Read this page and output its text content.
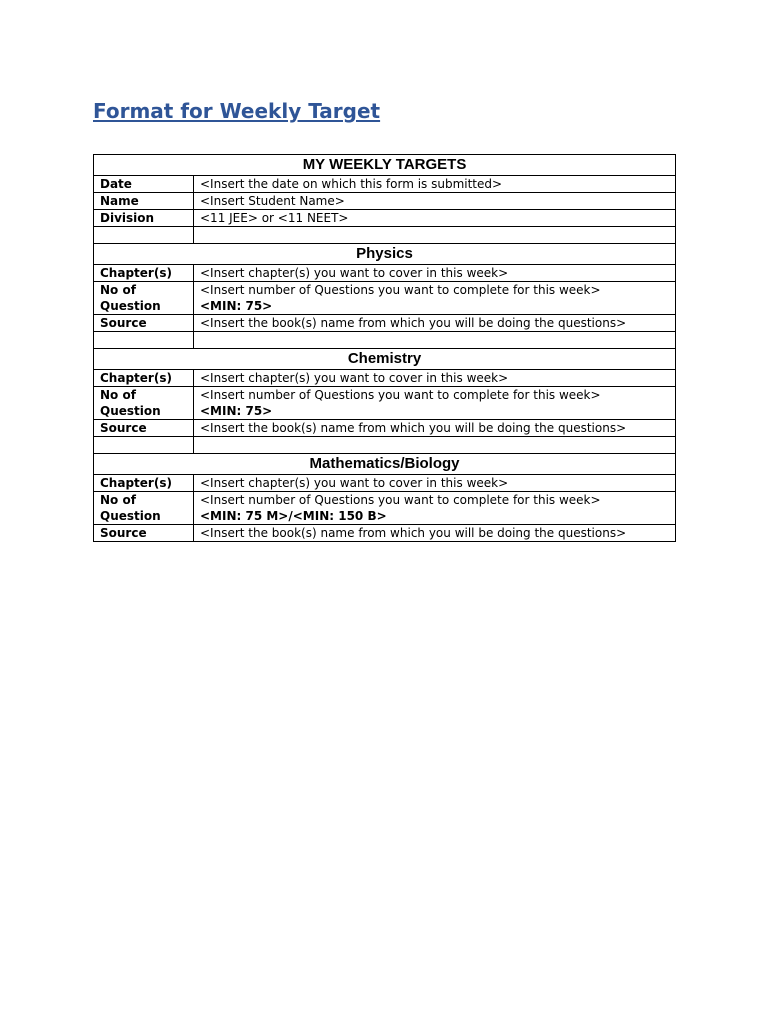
Format for Weekly Target
MY WEEKLY TARGETS	
Date	<Insert the date on which this form is submitted>
Name	<Insert Student Name>
Division	<11 JEE> or <11 NEET>

Physics	
Chapter(s)	<Insert chapter(s) you want to cover in this week>

No of
Question	<Insert number of Questions you want to complete for this week>
<MIN: 75>

Source	<Insert the book(s) name from which you will be doing the questions>

Chemistry	
Chapter(s)	<Insert chapter(s) you want to cover in this week>

No of
Question	<Insert number of Questions you want to complete for this week>
<MIN: 75>

Source	<Insert the book(s) name from which you will be doing the questions>

Mathematics/Biology	
Chapter(s)	<Insert chapter(s) you want to cover in this week>

No of
Question	<Insert number of Questions you want to complete for this week>
<MIN: 75 M>/<MIN: 150 B>

Source	<Insert the book(s) name from which you will be doing the questions>
